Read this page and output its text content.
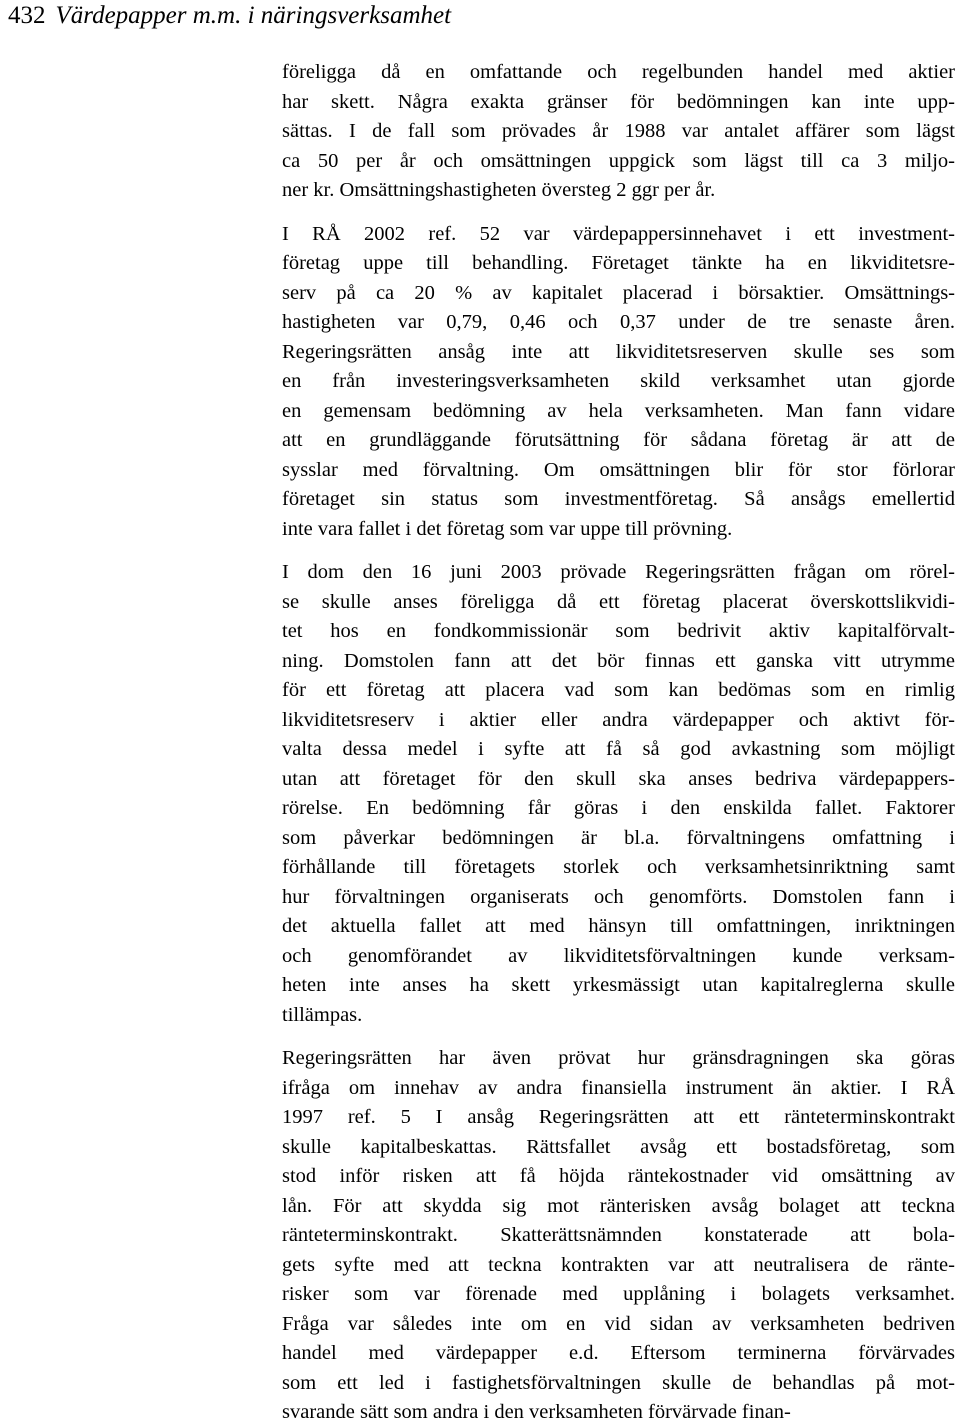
432 Värdepapper m.m. i näringsverksamhet

föreligga då en omfattande och regelbunden handel med aktier
har skett. Några exakta gränser för bedömningen kan inte upp-
sättas. I de fall som prövades år 1988 var antalet affärer som lägst
ca 50 per år och omsättningen uppgick som lägst till ca 3 miljo-
ner kr. Omsättningshastigheten översteg 2 ggr per år.

I RÅ 2002 ref. 52 var värdepappersinnehavet i ett investment-
företag uppe till behandling. Företaget tänkte ha en likviditetsre-
serv på ca 20 % av kapitalet placerad i börsaktier. Omsättnings-
hastigheten var 0,79, 0,46 och 0,37 under de tre senaste åren.
Regeringsrätten ansåg inte att likviditetsreserven skulle ses som
en från investeringsverksamheten skild verksamhet utan gjorde
en gemensam bedömning av hela verksamheten. Man fann vidare
att en grundläggande förutsättning för sådana företag är att de
sysslar med förvaltning. Om omsättningen blir för stor förlorar
företaget sin status som investmentföretag. Så ansågs emellertid
inte vara fallet i det företag som var uppe till prövning.

I dom den 16 juni 2003 prövade Regeringsrätten frågan om rörel-
se skulle anses föreligga då ett företag placerat överskottslikvidi-
tet hos en fondkommissionär som bedrivit aktiv kapitalförvalt-
ning. Domstolen fann att det bör finnas ett ganska vitt utrymme
för ett företag att placera vad som kan bedömas som en rimlig
likviditetsreserv i aktier eller andra värdepapper och aktivt för-
valta dessa medel i syfte att få så god avkastning som möjligt
utan att företaget för den skull ska anses bedriva värdepappers-
rörelse. En bedömning får göras i den enskilda fallet. Faktorer
som påverkar bedömningen är bl.a. förvaltningens omfattning i
förhållande till företagets storlek och verksamhetsinriktning samt
hur förvaltningen organiserats och genomförts. Domstolen fann i
det aktuella fallet att med hänsyn till omfattningen, inriktningen
och genomförandet av likviditetsförvaltningen kunde verksam-
heten inte anses ha skett yrkesmässigt utan kapitalreglerna skulle
tillämpas.

Regeringsrätten har även prövat hur gränsdragningen ska göras
ifråga om innehav av andra finansiella instrument än aktier. I RÅ
1997 ref. 5 I ansåg Regeringsrätten att ett ränteterminskontrakt
skulle kapitalbeskattas. Rättsfallet avsåg ett bostadsföretag, som
stod inför risken att få höjda räntekostnader vid omsättning av
lån. För att skydda sig mot ränterisken avsåg bolaget att teckna
ränteterminskontrakt. Skatterättsnämnden konstaterade att bola-
gets syfte med att teckna kontrakten var att neutralisera de ränte-
risker som var förenade med upplåning i bolagets verksamhet.
Fråga var således inte om en vid sidan av verksamheten bedriven
handel med värdepapper e.d. Eftersom terminerna förvärvades
som ett led i fastighetsförvaltningen skulle de behandlas på mot-
svarande sätt som andra i den verksamheten förvärvade finan-
